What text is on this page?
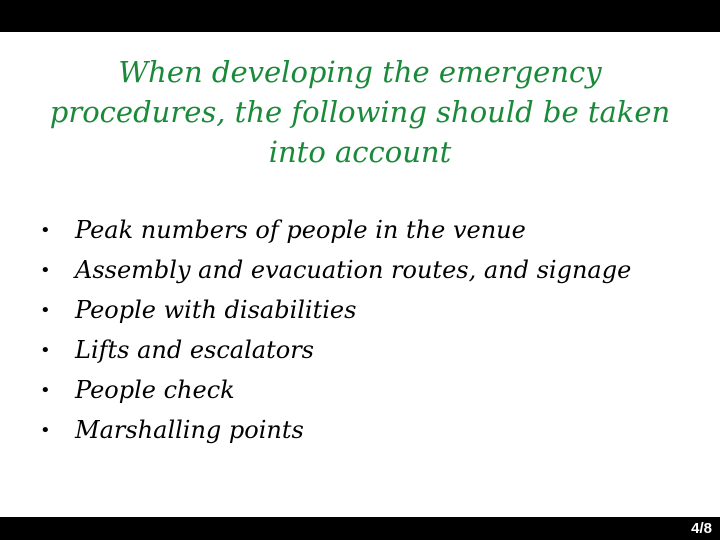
When developing the emergency procedures, the following should be taken into account
• Peak numbers of people in the venue
• Assembly and evacuation routes, and signage
• People with disabilities
• Lifts and escalators
• People check
• Marshalling points
4/8
